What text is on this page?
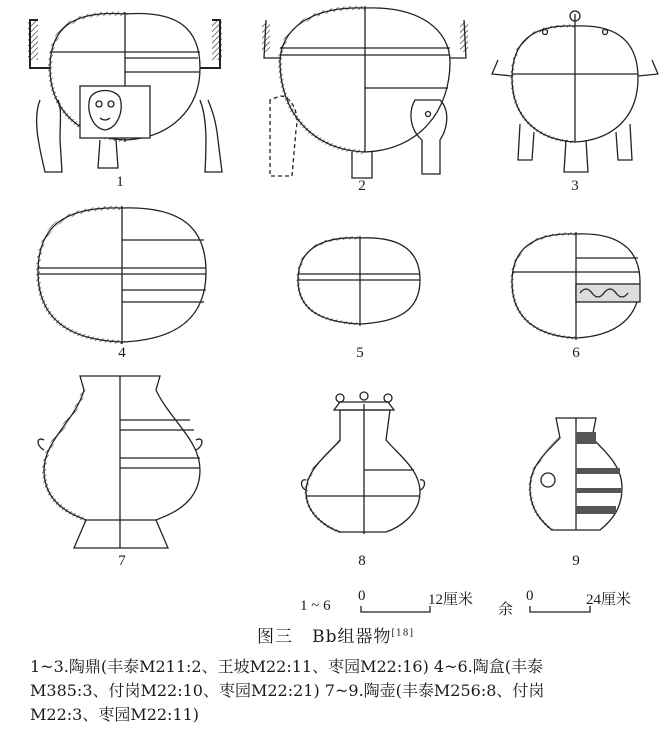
1	2	3
4	5	6
7	8	9
1 ~ 6
0	12厘米
余
0	24厘米
图三 Bb组器物[18]
1~3.陶鼎(丰泰M211:2、王坡M22:11、枣园M22:16) 4~6.陶盒(丰泰
M385:3、付岗M22:10、枣园M22:21) 7~9.陶壶(丰泰M256:8、付岗
M22:3、枣园M22:11)
